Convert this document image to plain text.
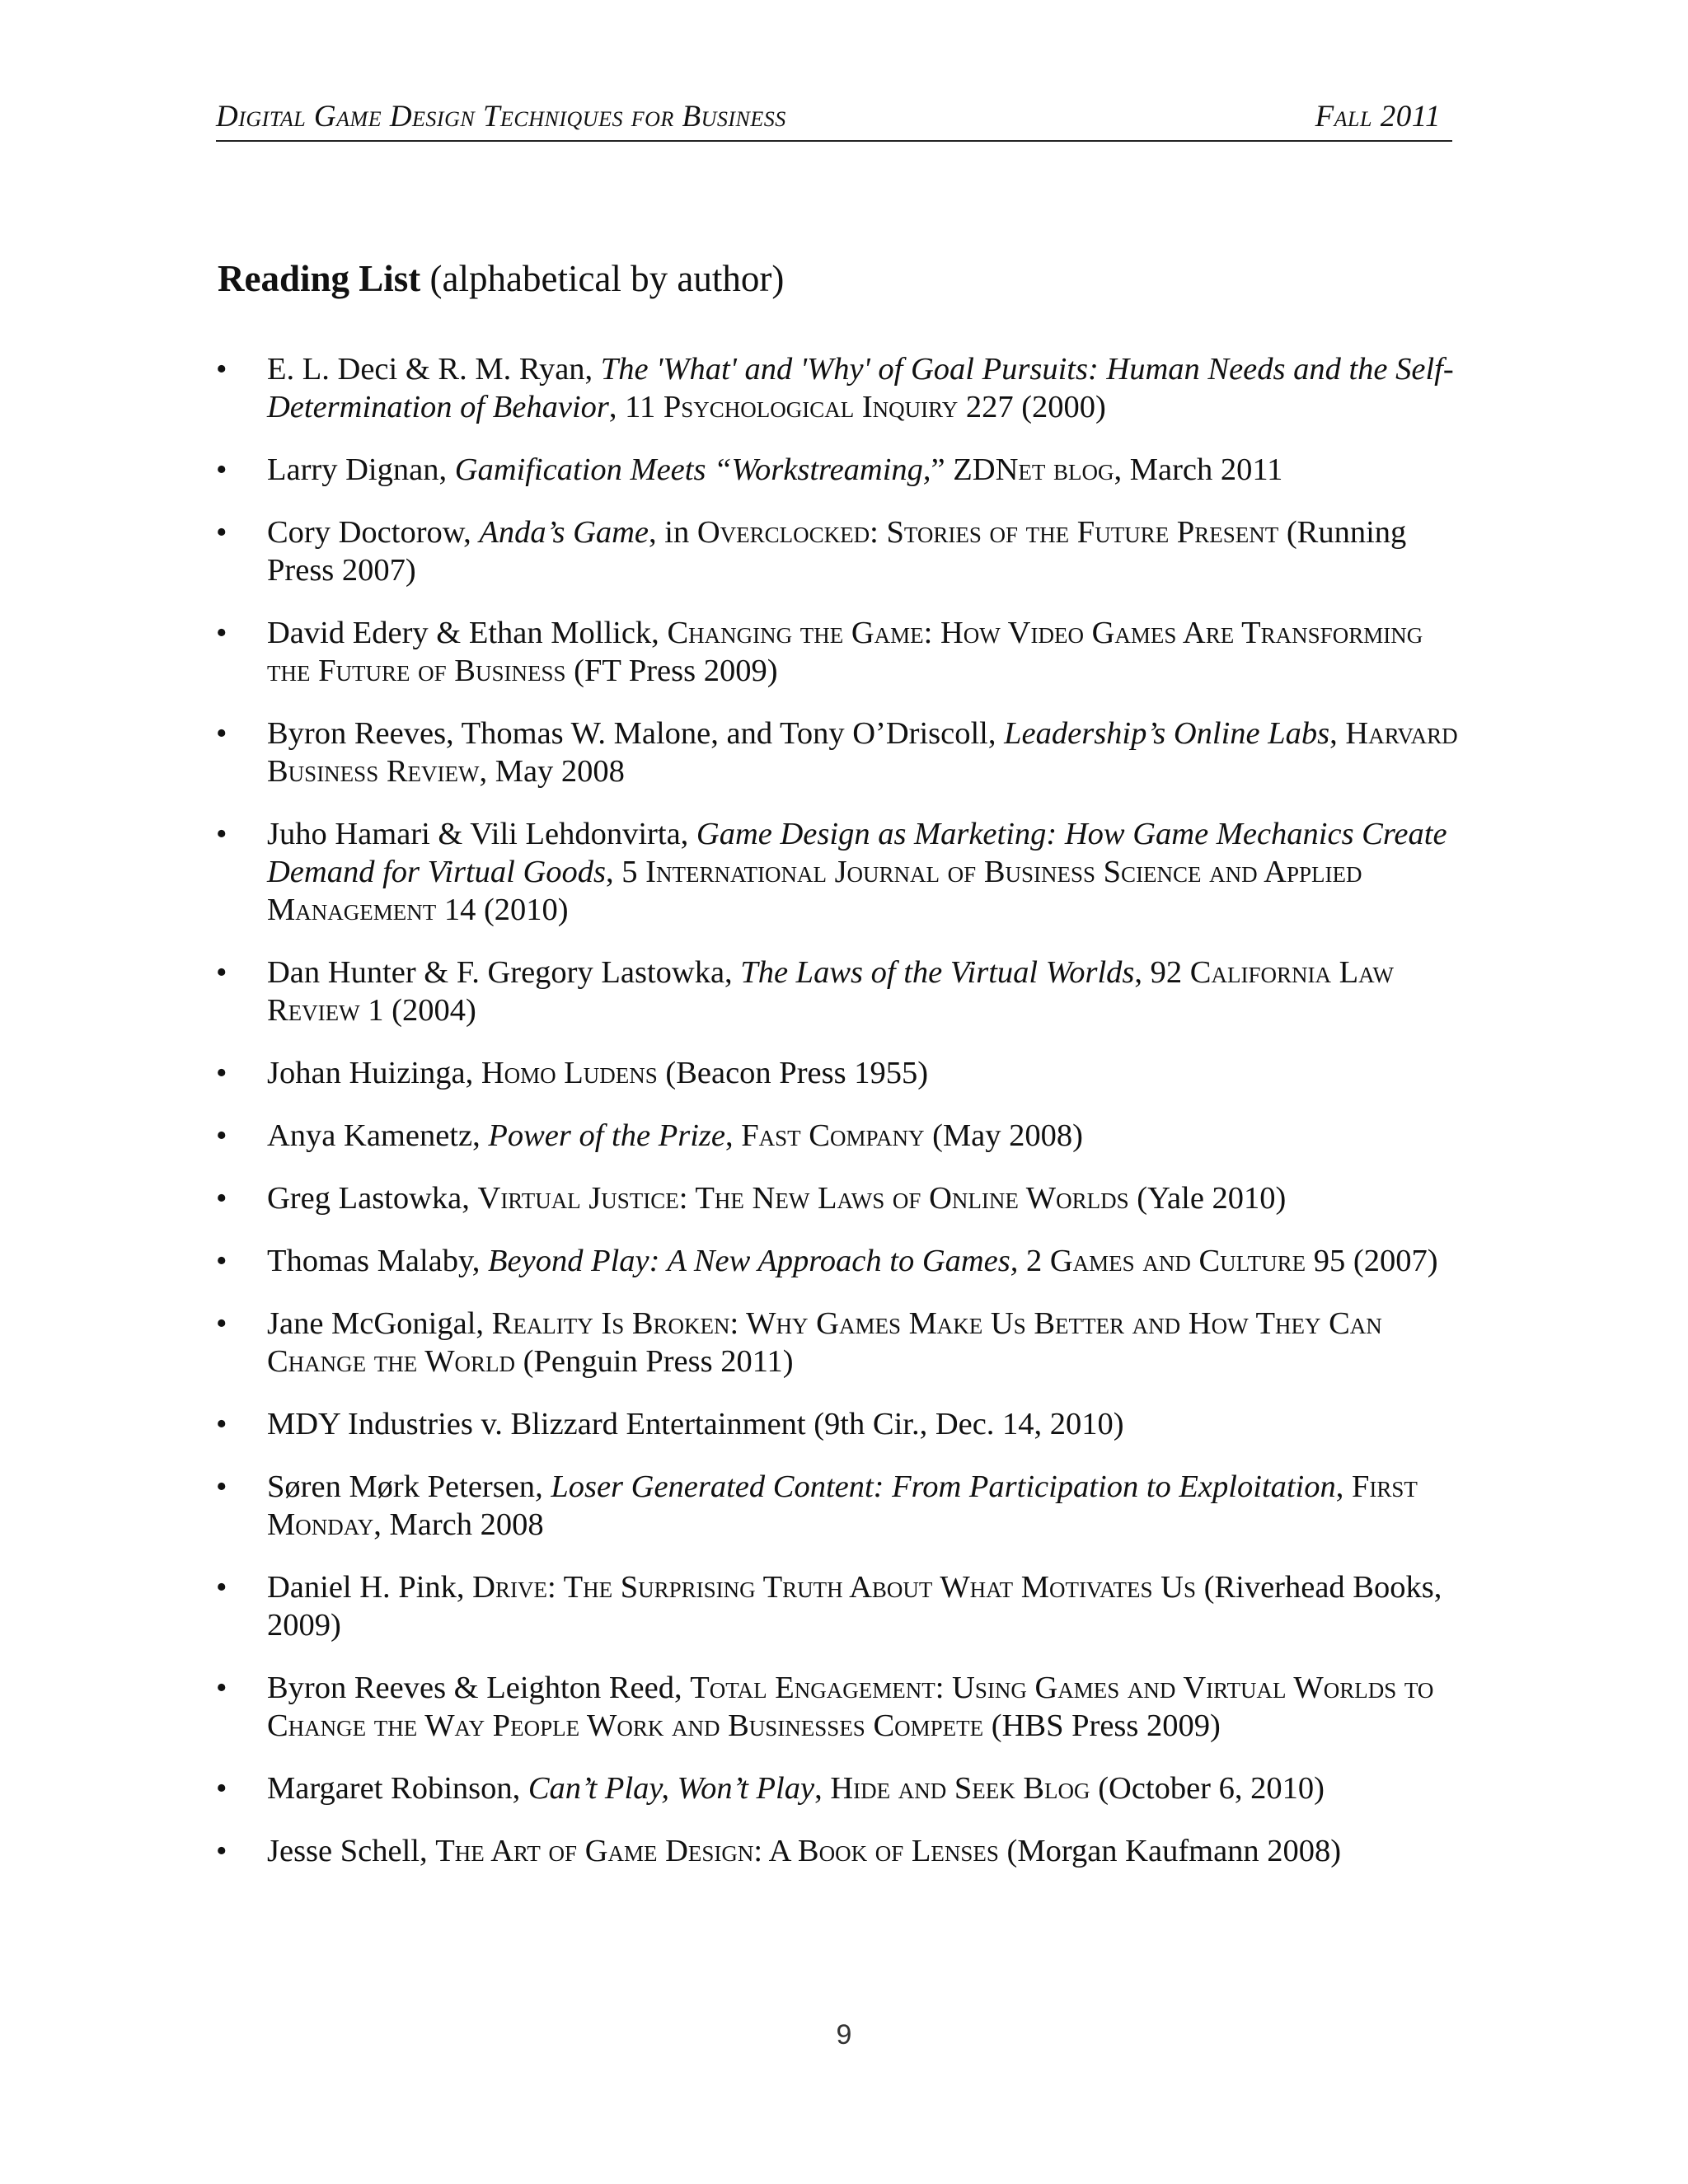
Digital Game Design Techniques for Business	Fall 2011
Reading List (alphabetical by author)
• E. L. Deci & R. M. Ryan, The 'What' and 'Why' of Goal Pursuits: Human Needs and the Self-Determination of Behavior, 11 Psychological Inquiry 227 (2000)
• Larry Dignan, Gamification Meets “Workstreaming,” ZDNet blog, March 2011
• Cory Doctorow, Anda’s Game, in Overclocked: Stories of the Future Present (Running Press 2007)
• David Edery & Ethan Mollick, Changing the Game: How Video Games Are Transforming the Future of Business (FT Press 2009)
• Byron Reeves, Thomas W. Malone, and Tony O’Driscoll, Leadership’s Online Labs, Harvard Business Review, May 2008
• Juho Hamari & Vili Lehdonvirta, Game Design as Marketing: How Game Mechanics Create Demand for Virtual Goods, 5 International Journal of Business Science and Applied Management 14 (2010)
• Dan Hunter & F. Gregory Lastowka, The Laws of the Virtual Worlds, 92 California Law Review 1 (2004)
• Johan Huizinga, Homo Ludens (Beacon Press 1955)
• Anya Kamenetz, Power of the Prize, Fast Company (May 2008)
• Greg Lastowka, Virtual Justice: The New Laws of Online Worlds (Yale 2010)
• Thomas Malaby, Beyond Play: A New Approach to Games, 2 Games and Culture 95 (2007)
• Jane McGonigal, Reality Is Broken: Why Games Make Us Better and How They Can Change the World (Penguin Press 2011)
• MDY Industries v. Blizzard Entertainment (9th Cir., Dec. 14, 2010)
• Søren Mørk Petersen, Loser Generated Content: From Participation to Exploitation, First Monday, March 2008
• Daniel H. Pink, Drive: The Surprising Truth About What Motivates Us (Riverhead Books, 2009)
• Byron Reeves & Leighton Reed, Total Engagement: Using Games and Virtual Worlds to Change the Way People Work and Businesses Compete (HBS Press 2009)
• Margaret Robinson, Can’t Play, Won’t Play, Hide and Seek Blog (October 6, 2010)
• Jesse Schell, The Art of Game Design: A Book of Lenses (Morgan Kaufmann 2008)
9
